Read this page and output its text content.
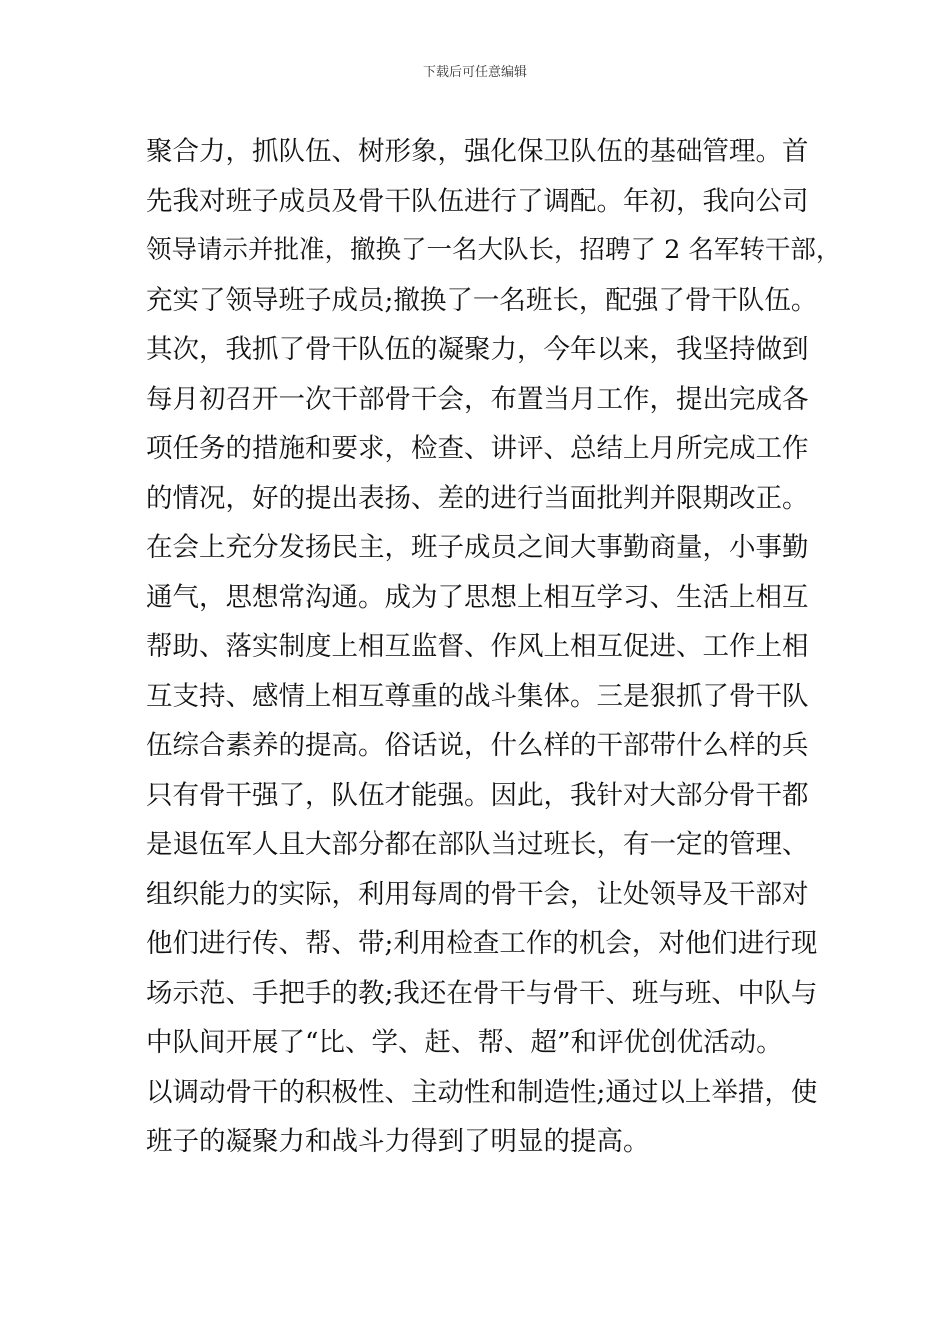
下载后可任意编辑
聚合力，抓队伍、树形象，强化保卫队伍的基础管理。首
先我对班子成员及骨干队伍进行了调配。年初，我向公司
领导请示并批准，撤换了一名大队长，招聘了 2 名军转干部，
充实了领导班子成员;撤换了一名班长，配强了骨干队伍。
其次，我抓了骨干队伍的凝聚力，今年以来，我坚持做到
每月初召开一次干部骨干会，布置当月工作，提出完成各
项任务的措施和要求，检查、讲评、总结上月所完成工作
的情况，好的提出表扬、差的进行当面批判并限期改正。
在会上充分发扬民主，班子成员之间大事勤商量，小事勤
通气，思想常沟通。成为了思想上相互学习、生活上相互
帮助、落实制度上相互监督、作风上相互促进、工作上相
互支持、感情上相互尊重的战斗集体。三是狠抓了骨干队
伍综合素养的提高。俗话说，什么样的干部带什么样的兵
只有骨干强了，队伍才能强。因此，我针对大部分骨干都
是退伍军人且大部分都在部队当过班长，有一定的管理、
组织能力的实际，利用每周的骨干会，让处领导及干部对
他们进行传、帮、带;利用检查工作的机会，对他们进行现
场示范、手把手的教;我还在骨干与骨干、班与班、中队与
中队间开展了“比、学、赶、帮、超”和评优创优活动。
以调动骨干的积极性、主动性和制造性;通过以上举措，使
班子的凝聚力和战斗力得到了明显的提高。
